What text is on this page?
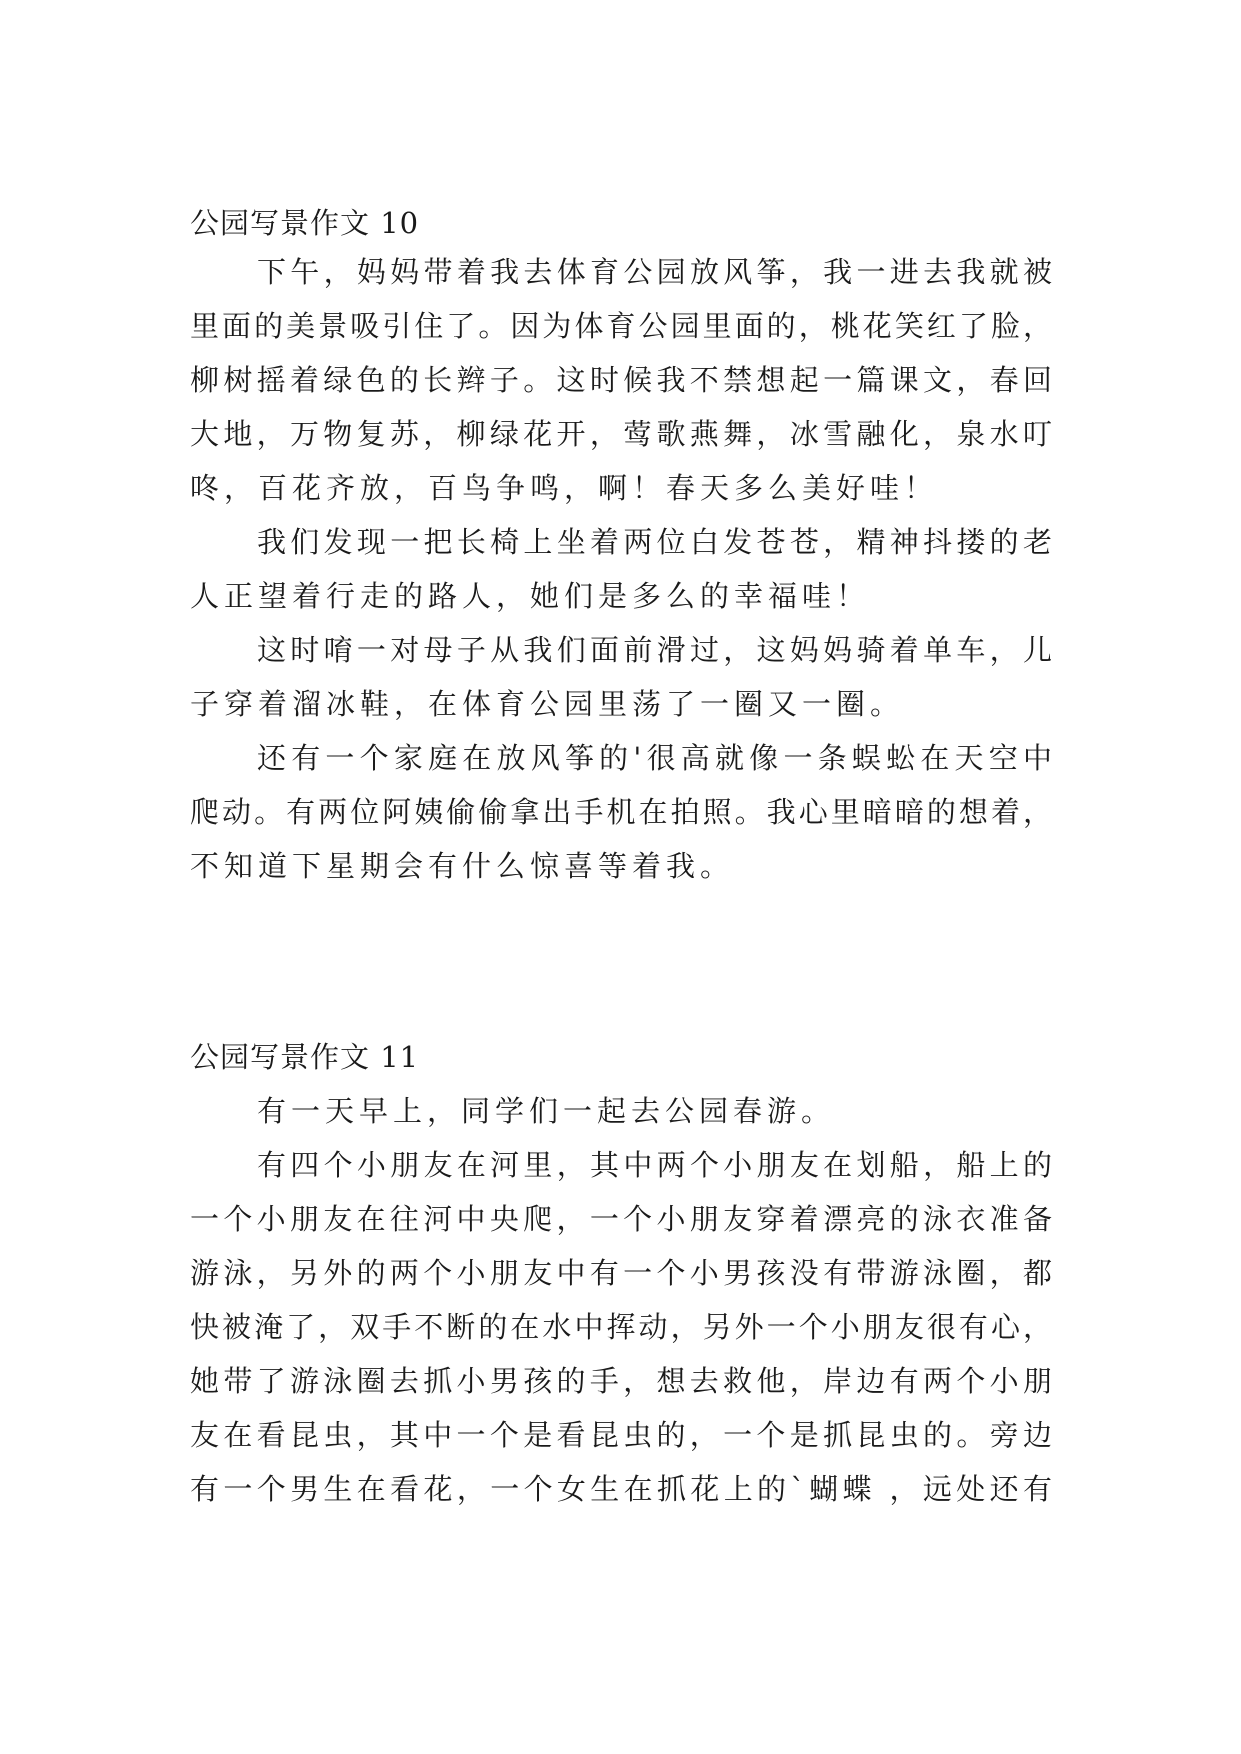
公园写景作文 10
下午，妈妈带着我去体育公园放风筝，我一进去我就被
里面的美景吸引住了。因为体育公园里面的，桃花笑红了脸，
柳树摇着绿色的长辫子。这时候我不禁想起一篇课文，春回
大地，万物复苏，柳绿花开，莺歌燕舞，冰雪融化，泉水叮
咚，百花齐放，百鸟争鸣，啊！春天多么美好哇！
我们发现一把长椅上坐着两位白发苍苍，精神抖搂的老
人正望着行走的路人，她们是多么的幸福哇！
这时唷一对母子从我们面前滑过，这妈妈骑着单车，儿
子穿着溜冰鞋，在体育公园里荡了一圈又一圈。
还有一个家庭在放风筝的'很高就像一条蜈蚣在天空中
爬动。有两位阿姨偷偷拿出手机在拍照。我心里暗暗的想着，
不知道下星期会有什么惊喜等着我。
公园写景作文 11
有一天早上，同学们一起去公园春游。
有四个小朋友在河里，其中两个小朋友在划船，船上的
一个小朋友在往河中央爬，一个小朋友穿着漂亮的泳衣准备
游泳，另外的两个小朋友中有一个小男孩没有带游泳圈，都
快被淹了，双手不断的在水中挥动，另外一个小朋友很有心，
她带了游泳圈去抓小男孩的手，想去救他，岸边有两个小朋
友在看昆虫，其中一个是看昆虫的，一个是抓昆虫的。旁边
有一个男生在看花，一个女生在抓花上的`蝴蝶 ，远处还有
